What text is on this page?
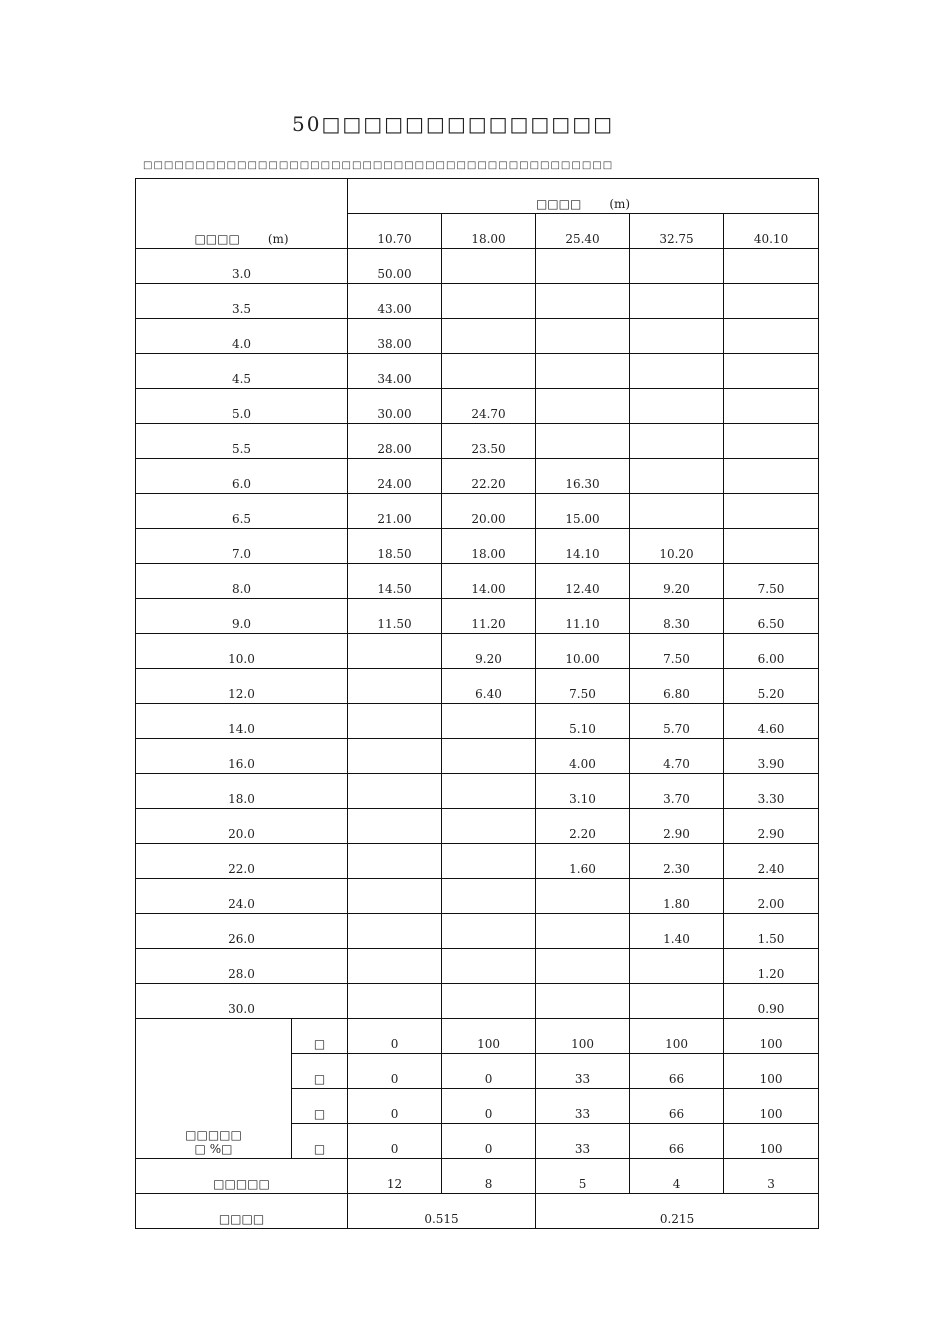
50□□□□□□□□□□□□□□
□□□□□□□□□□□□□□□□□□□□□□□□□□□□□□□□□□□□□□□□□□□□□
□□□□ (m)		□□□□ (m)				
		10.70	18.00	25.40	32.75	40.10
3.0		50.00				
3.5		43.00				
4.0		38.00				
4.5		34.00				
5.0		30.00	24.70			
5.5		28.00	23.50			
6.0		24.00	22.20	16.30		
6.5		21.00	20.00	15.00		
7.0		18.50	18.00	14.10	10.20	
8.0		14.50	14.00	12.40	9.20	7.50
9.0		11.50	11.20	11.10	8.30	6.50
10.0			9.20	10.00	7.50	6.00
12.0			6.40	7.50	6.80	5.20
14.0				5.10	5.70	4.60
16.0				4.00	4.70	3.90
18.0				3.10	3.70	3.30
20.0				2.20	2.90	2.90
22.0				1.60	2.30	2.40
24.0					1.80	2.00
26.0					1.40	1.50
28.0						1.20
30.0						0.90

□□□□□
□ %□	□	0	100	100	100	100
	□	0	0	33	66	100
	□	0	0	33	66	100
	□	0	0	33	66	100
□□□□□		12	8	5	4	3
□□□□		0.515		0.215		
